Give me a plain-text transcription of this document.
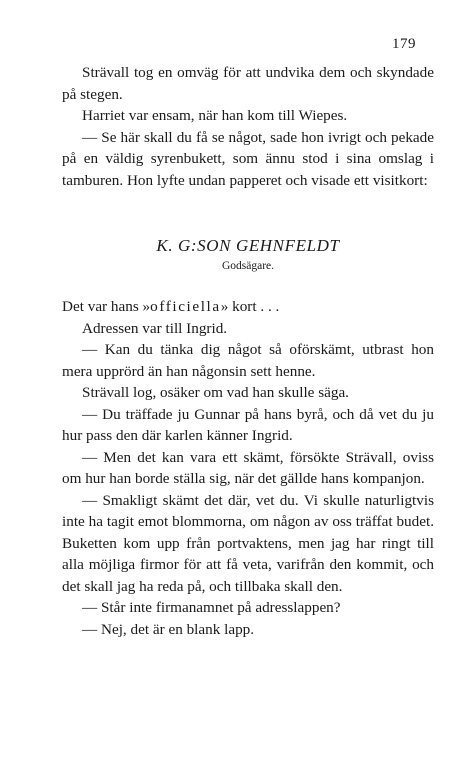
179

Strävall tog en omväg för att undvika dem och skyndade på stegen.

Harriet var ensam, när han kom till Wiepes.

— Se här skall du få se något, sade hon ivrigt och pekade på en väldig syrenbukett, som ännu stod i sina omslag i tamburen. Hon lyfte undan papperet och visade ett visitkort:

K. G:SON GEHNFELDT
Godsägare.

Det var hans »officiella» kort . . .

Adressen var till Ingrid.

— Kan du tänka dig något så oförskämt, utbrast hon mera upprörd än han någonsin sett henne.

Strävall log, osäker om vad han skulle säga.

— Du träffade ju Gunnar på hans byrå, och då vet du ju hur pass den där karlen känner Ingrid.

— Men det kan vara ett skämt, försökte Strävall, oviss om hur han borde ställa sig, när det gällde hans kompanjon.

— Smakligt skämt det där, vet du. Vi skulle naturligtvis inte ha tagit emot blommorna, om någon av oss träffat budet. Buketten kom upp från portvaktens, men jag har ringt till alla möjliga firmor för att få veta, varifrån den kommit, och det skall jag ha reda på, och tillbaka skall den.

— Står inte firmanamnet på adresslappen?

— Nej, det är en blank lapp.
